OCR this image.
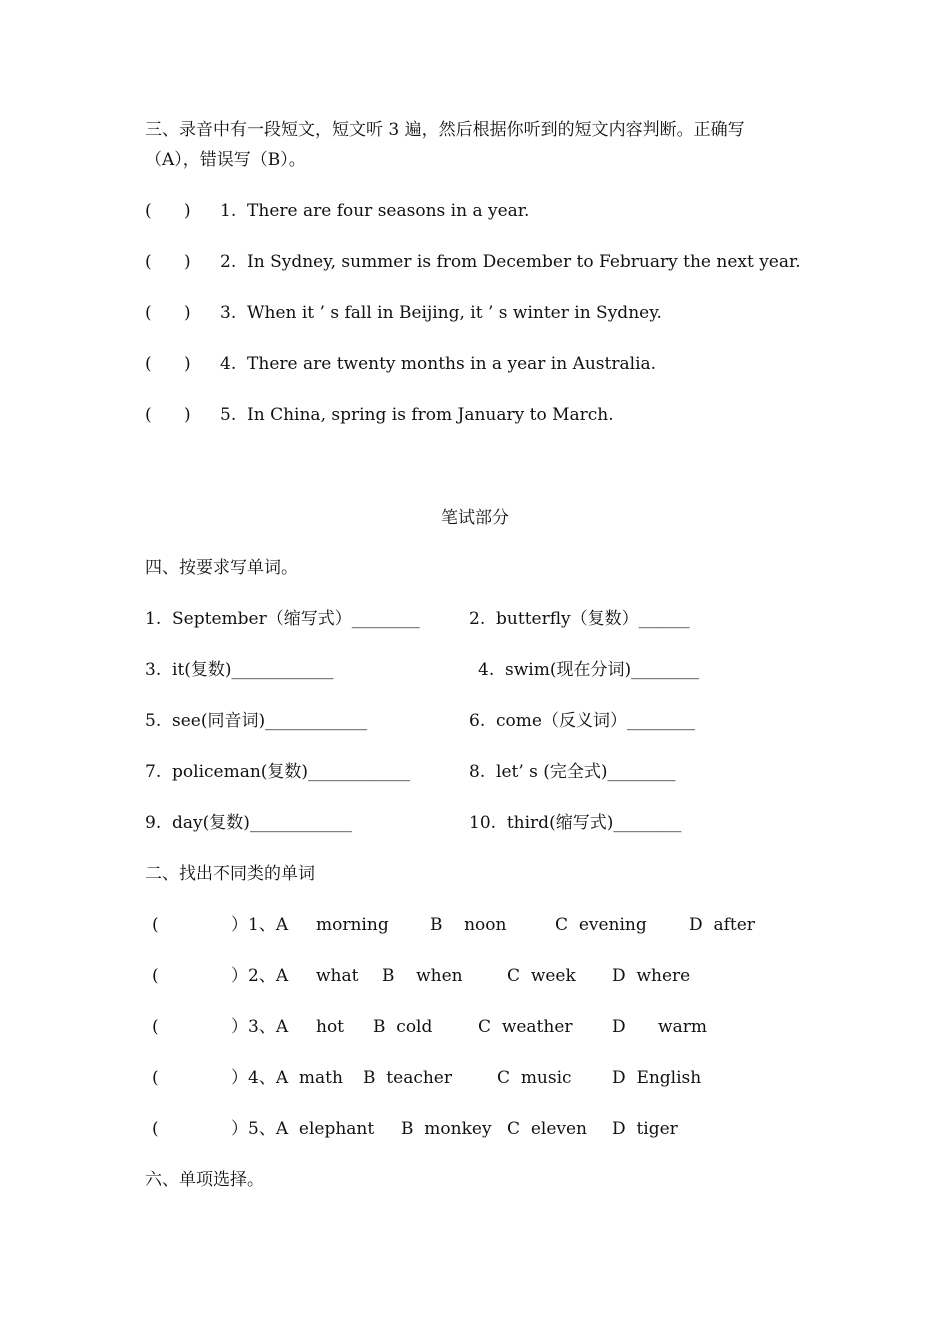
三、录音中有一段短文，短文听 3 遍，然后根据你听到的短文内容判断。正确写
（A），错误写（B）。
(      ) 1.  There are four seasons in a year.
(      ) 2.  In Sydney, summer is from December to February the next year.
(      ) 3.  When it ’ s fall in Beijing, it ’ s winter in Sydney.
(      ) 4.  There are twenty months in a year in Australia.
(      ) 5.  In China, spring is from January to March.
笔试部分
四、按要求写单词。
1.  September（缩写式）________	2.  butterfly（复数）______
3.  it(复数)____________	4.  swim(现在分词)________
5.  see(同音词)____________	6.  come（反义词）________
7.  policeman(复数)____________	8.  let’ s (完全式)________
9.  day(复数)____________	10.  third(缩写式)________
二、找出不同类的单词
(	）1、A morning B    noon	C  evening D  after
(	）2、A what B    when	C  week D  where
(	）3、A hot B  cold	C  weather D      warm
(	）4、A  math B  teacher	C  music D  English
(	）5、A  elephant B  monkey C  eleven D  tiger
六、单项选择。
